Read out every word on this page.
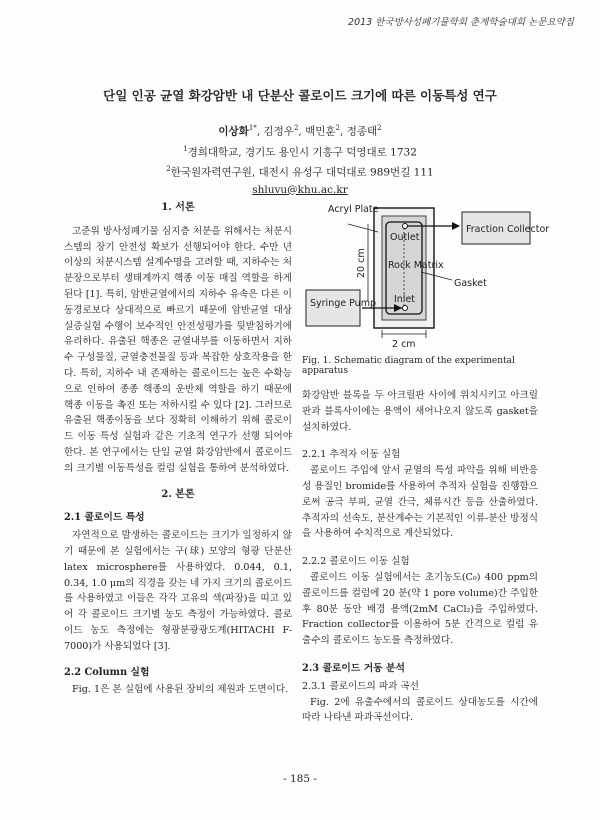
2013 한국방사성폐기물학회 춘계학술대회 논문요약집
단일 인공 균열 화강암반 내 단분산 콜로이드 크기에 따른 이동특성 연구
이상화$^{1*}$, 김정우$^2$, 백민훈$^2$, 정종태$^2$
$^1$경희대학교, 경기도 용인시 기흥구 덕영대로 1732
$^2$한국원자력연구원, 대전시 유성구 대덕대로 989번길 111
shluvu@khu.ac.kr
1. 서론

고준위 방사성폐기물 심지층 처분을 위해서는 처분시스템의 장기 안전성 확보가 선행되어야 한다. 수만 년 이상의 처분시스템 설계수명을 고려할 때, 지하수는 처분장으로부터 생태계까지 핵종 이동 매질 역할을 하게 된다 [1]. 특히, 암반균열에서의 지하수 유속은 다른 이동경로보다 상대적으로 빠르기 때문에 암반균열 대상 실증실험 수행이 보수적인 안전성평가를 뒷받침하기에 유리하다. 유출된 핵종은 균열내부를 이동하면서 지하수 구성물질, 균열충전물질 등과 복잡한 상호작용을 한다. 특히, 지하수 내 존재하는 콜로이드는 높은 수확능으로 인하여 종종 핵종의 운반체 역할을 하기 때문에 핵종 이동을 촉진 또는 저하시킬 수 있다 [2]. 그러므로 유출된 핵종이동을 보다 정확히 이해하기 위해 콜로이드 이동 특성 실험과 같은 기초적 연구가 선행 되어야 한다. 본 연구에서는 단일 균열 화강암반에서 콜로이드의 크기별 이동특성을 컬럼 실험을 통하여 분석하였다.

2. 본론
2.1 콜로이드 특성

자연적으로 발생하는 콜로이드는 크기가 일정하지 않기 때문에 본 실험에서는 구(球) 모양의 형광 단분산 latex microsphere를 사용하였다. 0.044, 0.1, 0.34, 1.0 μm의 직경을 갖는 네 가지 크기의 콜로이드를 사용하였고 이들은 각각 고유의 색(파장)을 띠고 있어 각 콜로이드 크기별 농도 측정이 가능하였다. 콜로이드 농도 측정에는 형광분광광도계(HITACHI F-7000)가 사용되었다 [3].

2.2 Column 실험

Fig. 1은 본 실험에 사용된 장비의 제원과 도면이다.

Acryl Plate
Fraction Collector
Outlet
Rock Matrix
Gasket
Inlet
Syringe Pump
20 cm
2 cm
Fig. 1. Schematic diagram of the experimental apparatus

화강암반 블록을 두 아크릴판 사이에 위치시키고 아크릴판과 블록사이에는 용액이 새어나오지 않도록 gasket을 설치하였다.

2.2.1 추적자 이동 실험

콜로이드 주입에 앞서 균열의 특성 파악을 위해 비반응성 용질인 bromide를 사용하여 추적자 실험을 진행함으로써 공극 부피, 균열 간극, 체류시간 등을 산출하였다. 추적자의 선속도, 분산계수는 기본적인 이류-분산 방정식을 사용하여 수치적으로 계산되었다.

2.2.2 콜로이드 이동 실험

콜로이드 이동 실험에서는 초기농도(C₀) 400 ppm의 콜로이드를 컬럼에 20 분(약 1 pore volume)간 주입한 후 80분 동안 배경 용액(2mM CaCl₂)을 주입하였다. Fraction collector를 이용하여 5분 간격으로 컬럼 유출수의 콜로이드 농도를 측정하였다.

2.3 콜로이드 거동 분석
2.3.1 콜로이드의 파과 곡선

Fig. 2에 유출수에서의 콜로이드 상대농도를 시간에 따라 나타낸 파과곡선이다.

- 185 -
